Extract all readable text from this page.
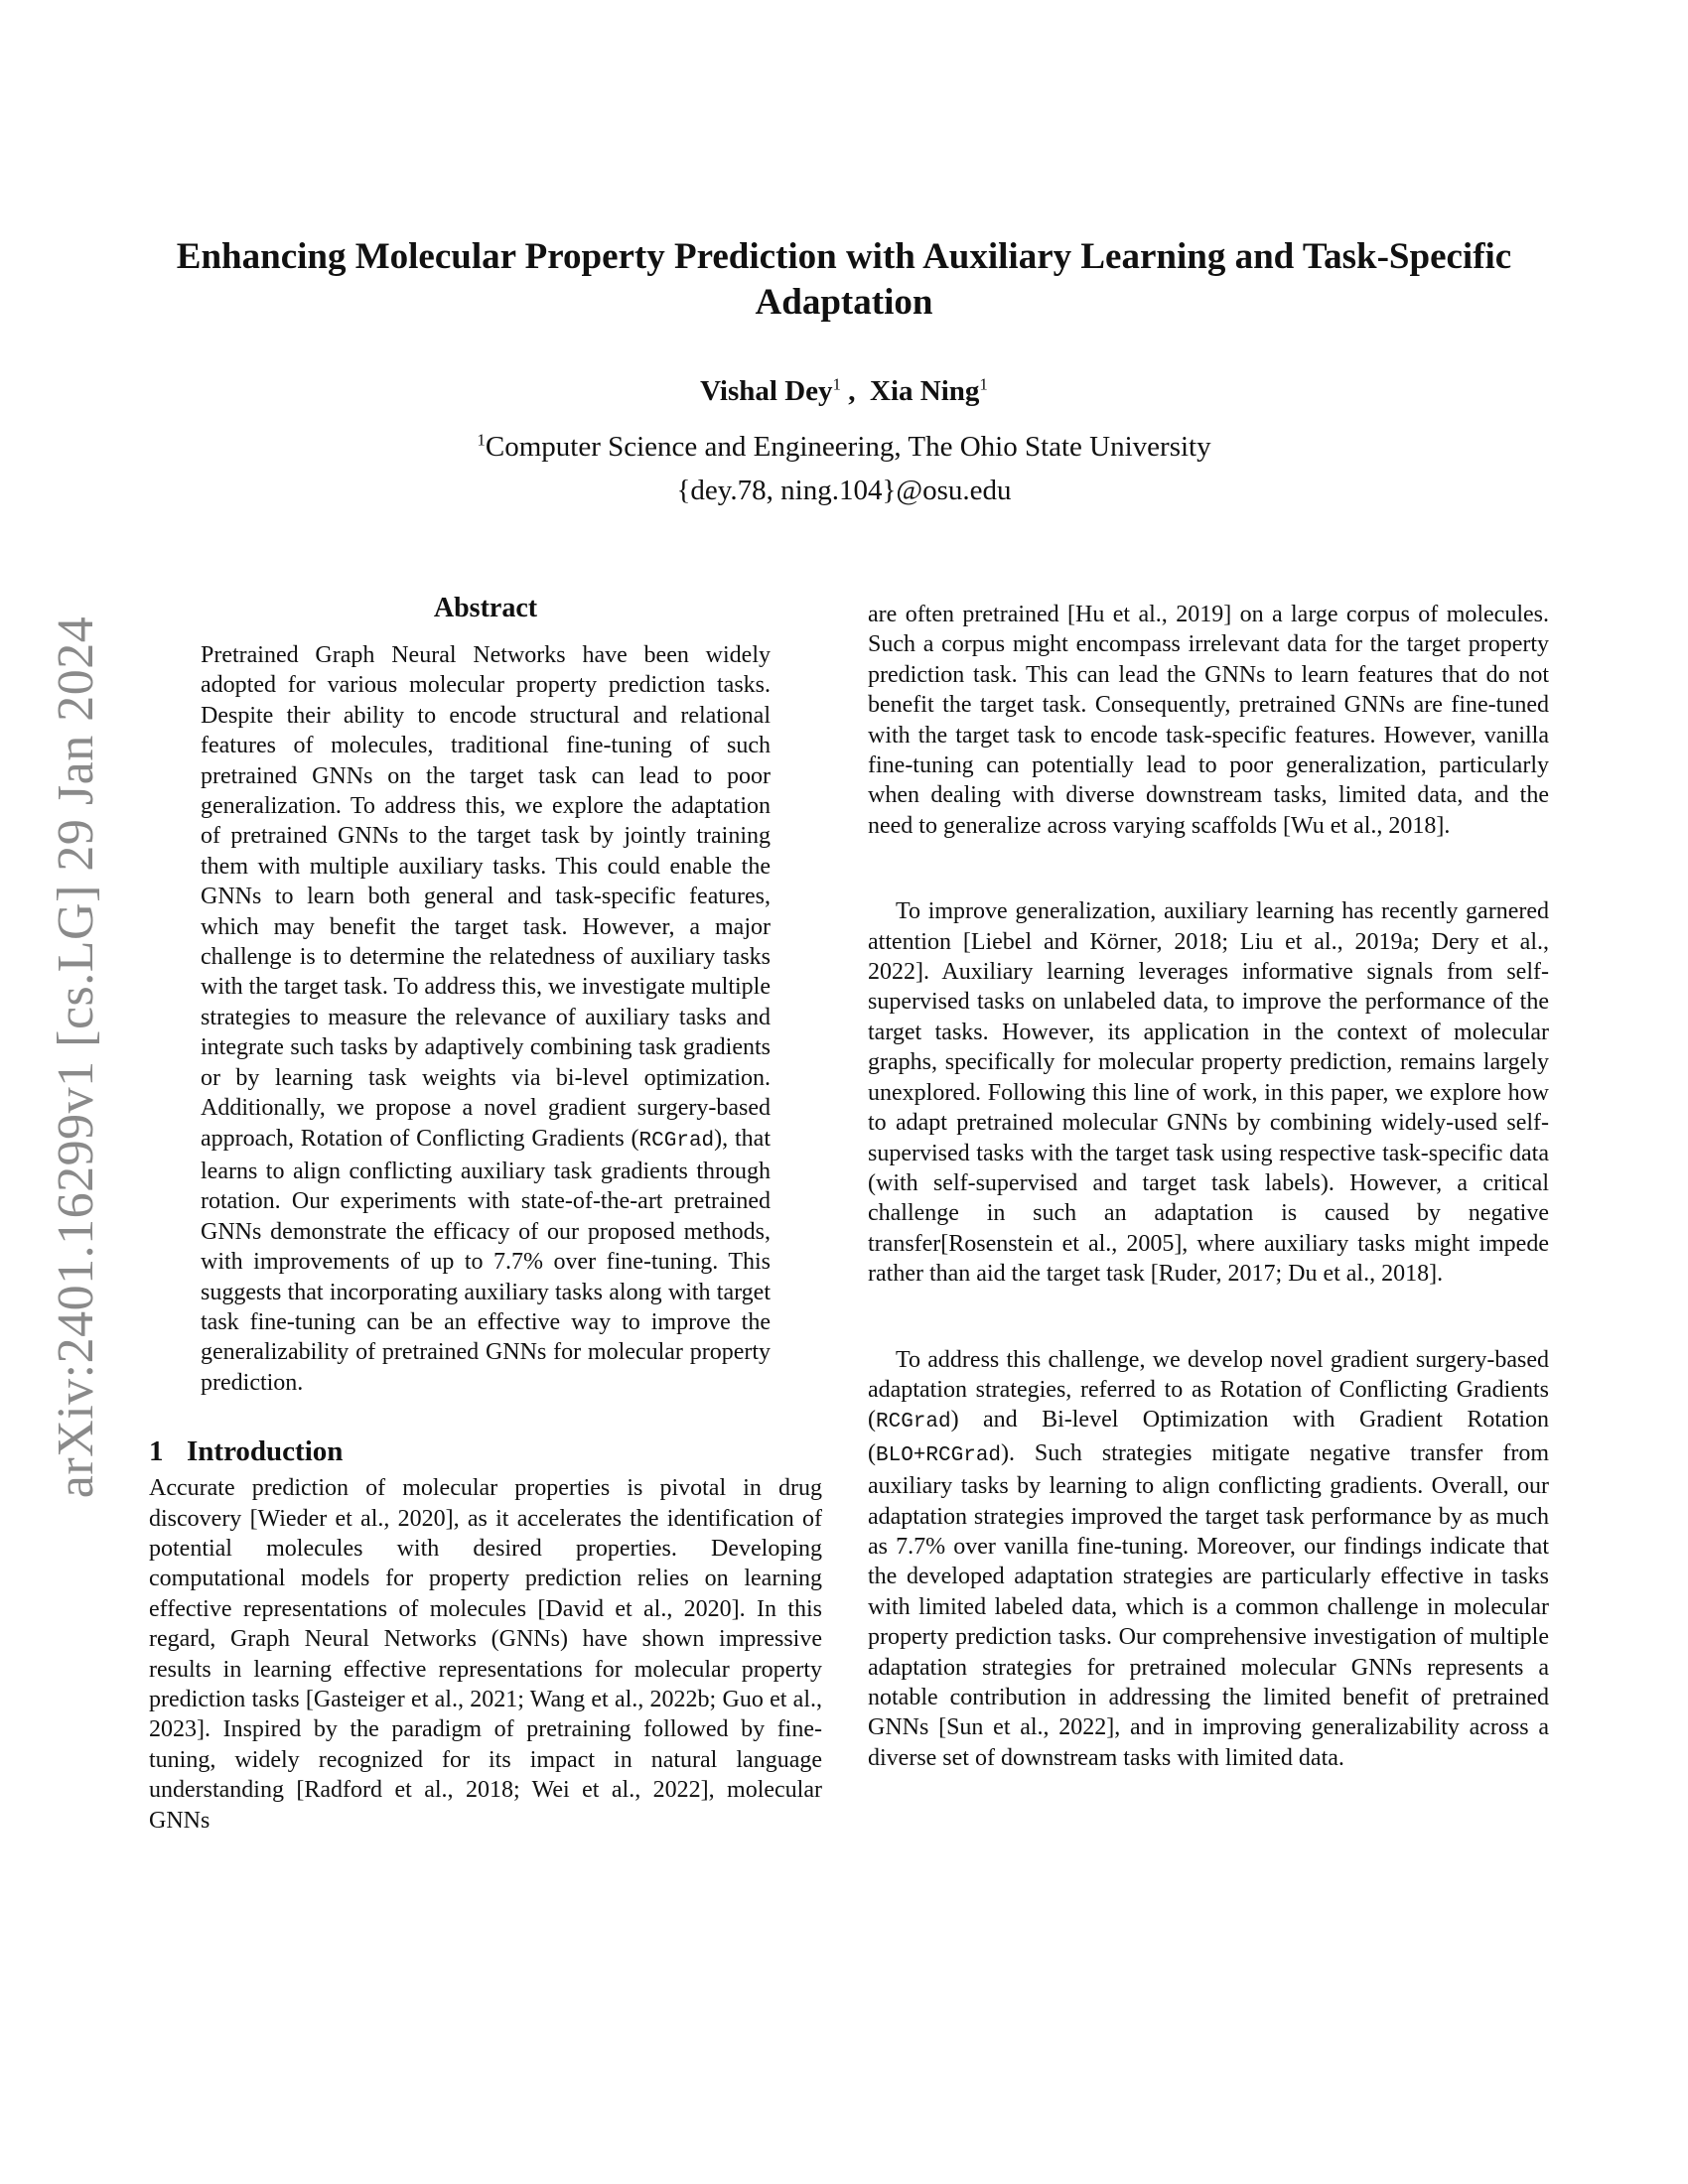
Enhancing Molecular Property Prediction with Auxiliary Learning and Task-Specific Adaptation
Vishal Dey$^1$ ,  Xia Ning$^1$
$^1$Computer Science and Engineering, The Ohio State University
{dey.78, ning.104}@osu.edu
arXiv:2401.16299v1 [cs.LG] 29 Jan 2024

Abstract

Pretrained Graph Neural Networks have been widely adopted for various molecular property prediction tasks. Despite their ability to encode structural and relational features of molecules, traditional fine-tuning of such pretrained GNNs on the target task can lead to poor generalization. To address this, we explore the adaptation of pretrained GNNs to the target task by jointly training them with multiple auxiliary tasks. This could enable the GNNs to learn both general and task-specific features, which may benefit the target task. However, a major challenge is to determine the relatedness of auxiliary tasks with the target task. To address this, we investigate multiple strategies to measure the relevance of auxiliary tasks and integrate such tasks by adaptively combining task gradients or by learning task weights via bi-level optimization. Additionally, we propose a novel gradient surgery-based approach, Rotation of Conflicting Gradients (RCGrad), that learns to align conflicting auxiliary task gradients through rotation. Our experiments with state-of-the-art pretrained GNNs demonstrate the efficacy of our proposed methods, with improvements of up to 7.7% over fine-tuning. This suggests that incorporating auxiliary tasks along with target task fine-tuning can be an effective way to improve the generalizability of pretrained GNNs for molecular property prediction.

1 Introduction

Accurate prediction of molecular properties is pivotal in drug discovery [Wieder et al., 2020], as it accelerates the identification of potential molecules with desired properties. Developing computational models for property prediction relies on learning effective representations of molecules [David et al., 2020]. In this regard, Graph Neural Networks (GNNs) have shown impressive results in learning effective representations for molecular property prediction tasks [Gasteiger et al., 2021; Wang et al., 2022b; Guo et al., 2023]. Inspired by the paradigm of pretraining followed by fine-tuning, widely recognized for its impact in natural language understanding [Radford et al., 2018; Wei et al., 2022], molecular GNNs

are often pretrained [Hu et al., 2019] on a large corpus of molecules. Such a corpus might encompass irrelevant data for the target property prediction task. This can lead the GNNs to learn features that do not benefit the target task. Consequently, pretrained GNNs are fine-tuned with the target task to encode task-specific features. However, vanilla fine-tuning can potentially lead to poor generalization, particularly when dealing with diverse downstream tasks, limited data, and the need to generalize across varying scaffolds [Wu et al., 2018].

To improve generalization, auxiliary learning has recently garnered attention [Liebel and Körner, 2018; Liu et al., 2019a; Dery et al., 2022]. Auxiliary learning leverages informative signals from self-supervised tasks on unlabeled data, to improve the performance of the target tasks. However, its application in the context of molecular graphs, specifically for molecular property prediction, remains largely unexplored. Following this line of work, in this paper, we explore how to adapt pretrained molecular GNNs by combining widely-used self-supervised tasks with the target task using respective task-specific data (with self-supervised and target task labels). However, a critical challenge in such an adaptation is caused by negative transfer[Rosenstein et al., 2005], where auxiliary tasks might impede rather than aid the target task [Ruder, 2017; Du et al., 2018].

To address this challenge, we develop novel gradient surgery-based adaptation strategies, referred to as Rotation of Conflicting Gradients (RCGrad) and Bi-level Optimization with Gradient Rotation (BLO+RCGrad). Such strategies mitigate negative transfer from auxiliary tasks by learning to align conflicting gradients. Overall, our adaptation strategies improved the target task performance by as much as 7.7% over vanilla fine-tuning. Moreover, our findings indicate that the developed adaptation strategies are particularly effective in tasks with limited labeled data, which is a common challenge in molecular property prediction tasks. Our comprehensive investigation of multiple adaptation strategies for pretrained molecular GNNs represents a notable contribution in addressing the limited benefit of pretrained GNNs [Sun et al., 2022], and in improving generalizability across a diverse set of downstream tasks with limited data.
